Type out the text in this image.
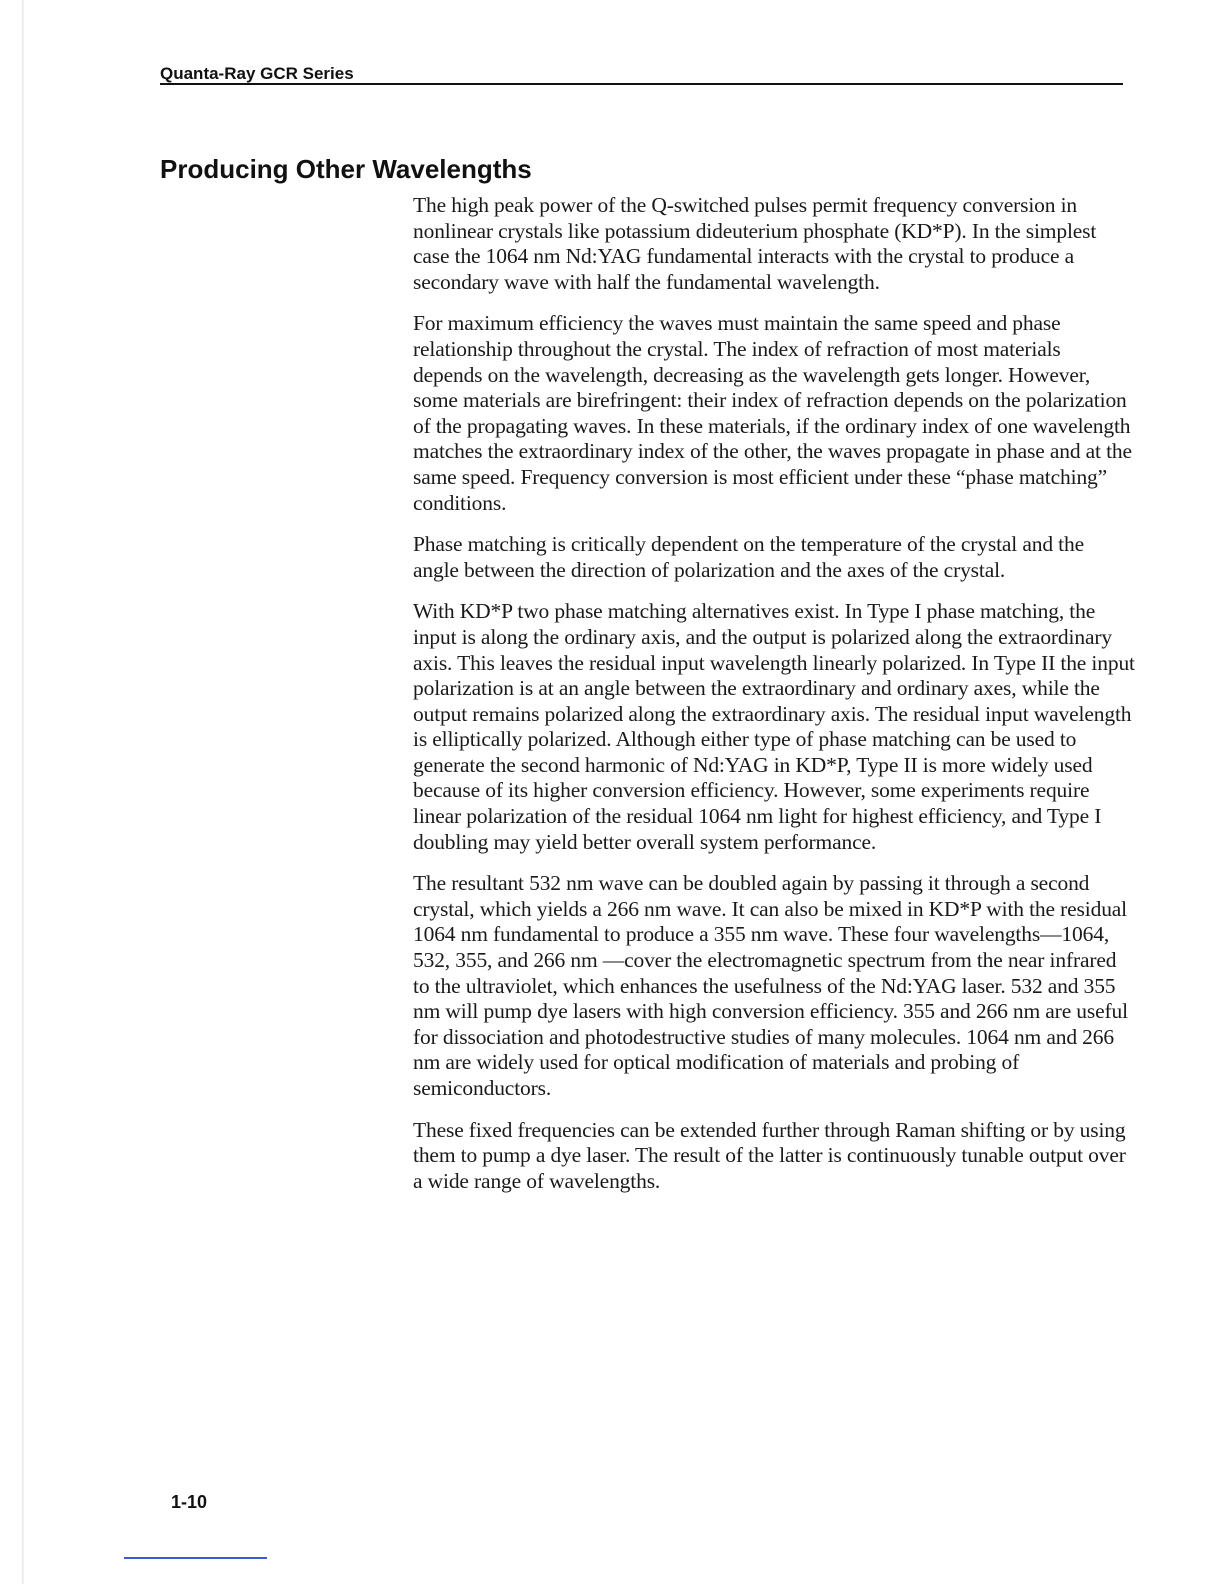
Quanta-Ray GCR Series
Producing Other Wavelengths

The high peak power of the Q-switched pulses permit frequency conversion in nonlinear crystals like potassium dideuterium phosphate (KD*P). In the simplest case the 1064 nm Nd:YAG fundamental interacts with the crystal to produce a secondary wave with half the fundamental wavelength.

For maximum efficiency the waves must maintain the same speed and phase relationship throughout the crystal. The index of refraction of most materials depends on the wavelength, decreasing as the wavelength gets longer. However, some materials are birefringent: their index of refraction depends on the polarization of the propagating waves. In these materials, if the ordinary index of one wavelength matches the extraordinary index of the other, the waves propagate in phase and at the same speed. Frequency conversion is most efficient under these “phase matching” conditions.

Phase matching is critically dependent on the temperature of the crystal and the angle between the direction of polarization and the axes of the crystal.

With KD*P two phase matching alternatives exist. In Type I phase matching, the input is along the ordinary axis, and the output is polarized along the extraordinary axis. This leaves the residual input wavelength linearly polarized. In Type II the input polarization is at an angle between the extraordinary and ordinary axes, while the output remains polarized along the extraordinary axis. The residual input wavelength is elliptically polarized. Although either type of phase matching can be used to generate the second harmonic of Nd:YAG in KD*P, Type II is more widely used because of its higher conversion efficiency. However, some experiments require linear polarization of the residual 1064 nm light for highest efficiency, and Type I doubling may yield better overall system performance.

The resultant 532 nm wave can be doubled again by passing it through a second crystal, which yields a 266 nm wave. It can also be mixed in KD*P with the residual 1064 nm fundamental to produce a 355 nm wave. These four wavelengths—1064, 532, 355, and 266 nm —cover the electromagnetic spectrum from the near infrared to the ultraviolet, which enhances the usefulness of the Nd:YAG laser. 532 and 355 nm will pump dye lasers with high conversion efficiency. 355 and 266 nm are useful for dissociation and photodestructive studies of many molecules. 1064 nm and 266 nm are widely used for optical modification of materials and probing of semiconductors.

These fixed frequencies can be extended further through Raman shifting or by using them to pump a dye laser. The result of the latter is continuously tunable output over a wide range of wavelengths.

1-10
